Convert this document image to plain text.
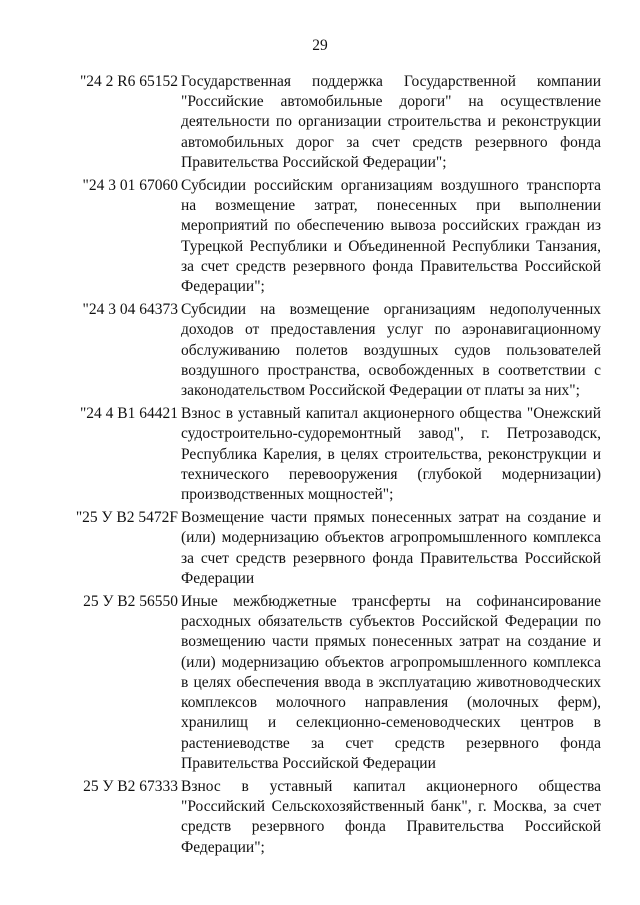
29
"24 2 R6 65152 Государственная поддержка Государственной компании "Российские автомобильные дороги" на осуществление деятельности по организации строительства и реконструкции автомобильных дорог за счет средств резервного фонда Правительства Российской Федерации";
"24 3 01 67060 Субсидии российским организациям воздушного транспорта на возмещение затрат, понесенных при выполнении мероприятий по обеспечению вывоза российских граждан из Турецкой Республики и Объединенной Республики Танзания, за счет средств резервного фонда Правительства Российской Федерации";
"24 3 04 64373 Субсидии на возмещение организациям недополученных доходов от предоставления услуг по аэронавигационному обслуживанию полетов воздушных судов пользователей воздушного пространства, освобожденных в соответствии с законодательством Российской Федерации от платы за них";
"24 4 B1 64421 Взнос в уставный капитал акционерного общества "Онежский судостроительно-судоремонтный завод", г. Петрозаводск, Республика Карелия, в целях строительства, реконструкции и технического перевооружения (глубокой модернизации) производственных мощностей";
"25 У B2 5472F Возмещение части прямых понесенных затрат на создание и (или) модернизацию объектов агропромышленного комплекса за счет средств резервного фонда Правительства Российской Федерации
25 У B2 56550 Иные межбюджетные трансферты на софинансирование расходных обязательств субъектов Российской Федерации по возмещению части прямых понесенных затрат на создание и (или) модернизацию объектов агропромышленного комплекса в целях обеспечения ввода в эксплуатацию животноводческих комплексов молочного направления (молочных ферм), хранилищ и селекционно-семеноводческих центров в растениеводстве за счет средств резервного фонда Правительства Российской Федерации
25 У B2 67333 Взнос в уставный капитал акционерного общества "Российский Сельскохозяйственный банк", г. Москва, за счет средств резервного фонда Правительства Российской Федерации";
